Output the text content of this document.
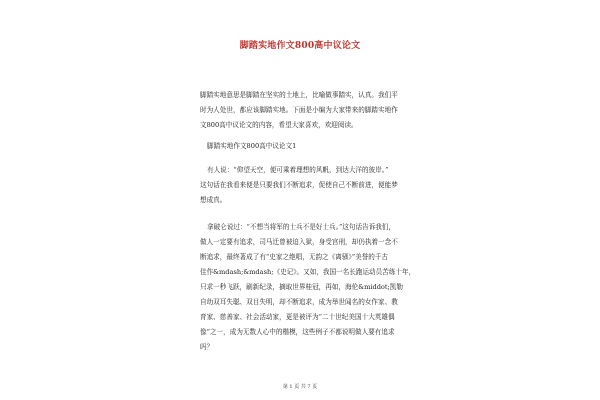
脚踏实地作文800高中议论文
脚踏实地意思是脚踏在坚实的土地上，比喻做事踏实，认真。我们平
时为人处世，都应该脚踏实地。下面是小编为大家带来的脚踏实地作
文800高中议论文的内容，希望大家喜欢，欢迎阅读。
脚踏实地作文800高中议论文1
有人说：“仰望天空，便可乘着理想的风帆，到达大洋的彼岸。”
这句话在我看来便是只要我们不断追求，促使自己不断前进，便能梦
想成真。
拿破仑说过：“不想当将军的士兵不是好士兵。”这句话告诉我们，
做人一定要有追求，司马迁曾被迫入狱，身受宫刑，却仍执着一念不
断追求，最终著成了有“史家之绝唱，无韵之《离骚》”美誉的千古
佳作&mdash;&mdash;《史记》。又如，我国一名长跑运动员苦练十年，
只求一秒飞跃，刷新纪录，摘取世界桂冠，再如，海伦&middot;凯勒
自幼双耳失聪、双目失明，却不断追求，成为举世闻名的女作家、教
育家、慈善家、社会活动家，更是被评为“二十世纪美国十大英雄偶
像”之一，成为无数人心中的楷模，这些例子不都说明做人要有追求
吗？
第 1 页 共 7 页
